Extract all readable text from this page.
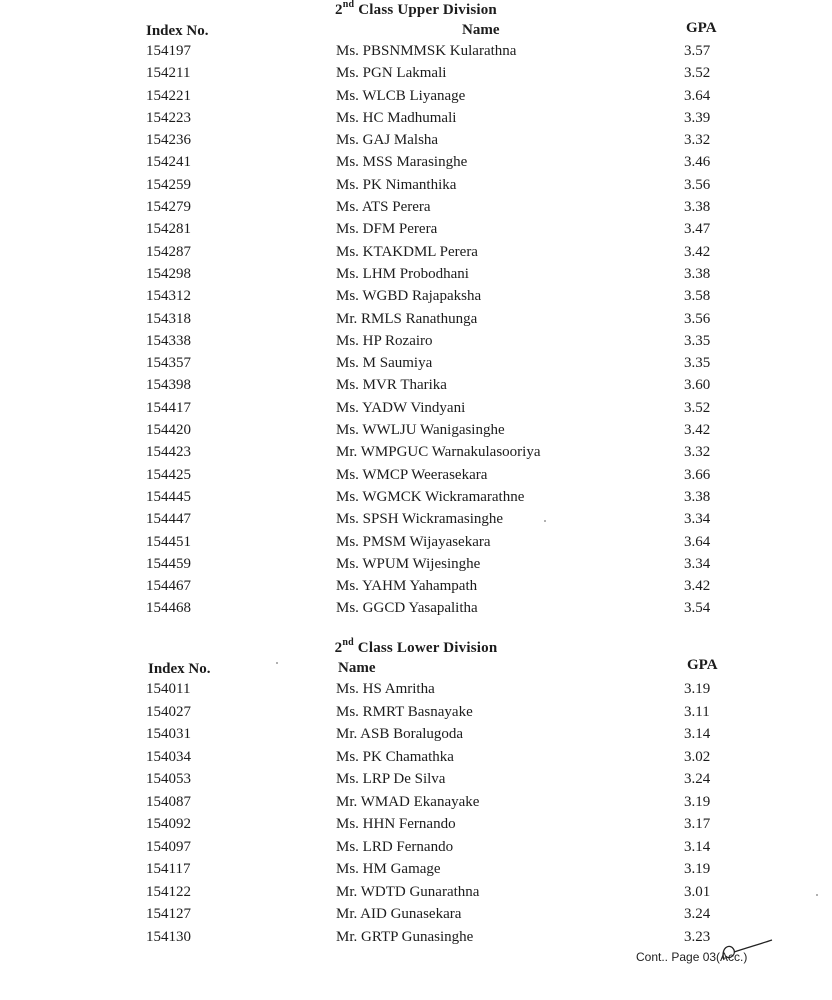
2nd Class Upper Division
Index No.	Name	GPA
154197	Ms. PBSNMMSK Kularathna	3.57
154211	Ms. PGN Lakmali	3.52
154221	Ms. WLCB Liyanage	3.64
154223	Ms. HC Madhumali	3.39
154236	Ms. GAJ Malsha	3.32
154241	Ms. MSS Marasinghe	3.46
154259	Ms. PK Nimanthika	3.56
154279	Ms. ATS Perera	3.38
154281	Ms. DFM Perera	3.47
154287	Ms. KTAKDML Perera	3.42
154298	Ms. LHM Probodhani	3.38
154312	Ms. WGBD Rajapaksha	3.58
154318	Mr. RMLS Ranathunga	3.56
154338	Ms. HP Rozairo	3.35
154357	Ms. M Saumiya	3.35
154398	Ms. MVR Tharika	3.60
154417	Ms. YADW Vindyani	3.52
154420	Ms. WWLJU Wanigasinghe	3.42
154423	Mr. WMPGUC Warnakulasooriya	3.32
154425	Ms. WMCP Weerasekara	3.66
154445	Ms. WGMCK Wickramarathne	3.38
154447	Ms. SPSH Wickramasinghe	3.34
154451	Ms. PMSM Wijayasekara	3.64
154459	Ms. WPUM Wijesinghe	3.34
154467	Ms. YAHM Yahampath	3.42
154468	Ms. GGCD Yasapalitha	3.54
2nd Class Lower Division
Index No.	Name	GPA
154011	Ms. HS Amritha	3.19
154027	Ms. RMRT Basnayake	3.11
154031	Mr. ASB Boralugoda	3.14
154034	Ms. PK Chamathka	3.02
154053	Ms. LRP De Silva	3.24
154087	Mr. WMAD Ekanayake	3.19
154092	Ms. HHN Fernando	3.17
154097	Ms. LRD Fernando	3.14
154117	Ms. HM Gamage	3.19
154122	Mr. WDTD Gunarathna	3.01
154127	Mr. AID Gunasekara	3.24
154130	Mr. GRTP Gunasinghe	3.23
Cont.. Page 03(Acc.)
